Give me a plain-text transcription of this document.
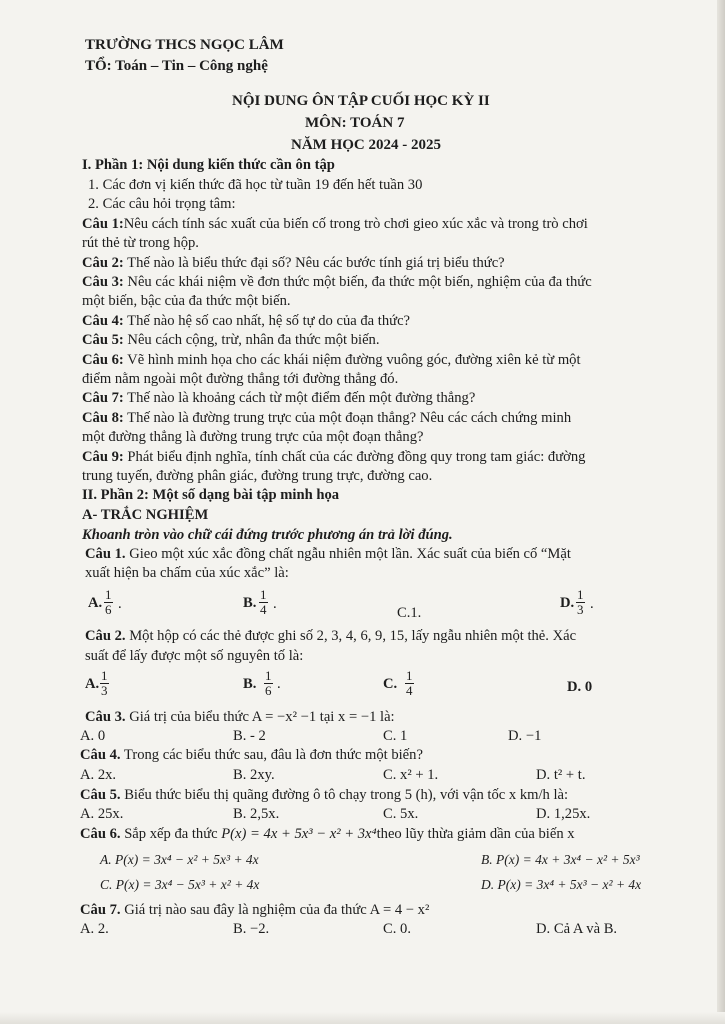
TRƯỜNG THCS NGỌC LÂM
TỔ: Toán – Tin – Công nghệ
NỘI DUNG ÔN TẬP CUỐI HỌC KỲ II
MÔN: TOÁN 7
NĂM HỌC 2024 - 2025
I. Phần 1: Nội dung kiến thức cần ôn tập
1. Các đơn vị kiến thức đã học từ tuần 19 đến hết tuần 30
2. Các câu hỏi trọng tâm:
Câu 1:Nêu cách tính sác xuất của biến cố trong trò chơi gieo xúc xắc và trong trò chơi
rút thẻ từ trong hộp.
Câu 2: Thế nào là biểu thức đại số? Nêu các bước tính giá trị biểu thức?
Câu 3: Nêu các khái niệm về đơn thức một biến, đa thức một biến, nghiệm của đa thức
một biến, bậc của đa thức một biến.
Câu 4: Thế nào hệ số cao nhất, hệ số tự do của đa thức?
Câu 5: Nêu cách cộng, trừ, nhân đa thức một biến.
Câu 6: Vẽ hình minh họa cho các khái niệm đường vuông góc, đường xiên kẻ từ một
điểm nằm ngoài một đường thẳng tới đường thẳng đó.
Câu 7: Thế nào là khoảng cách từ một điểm đến một đường thẳng?
Câu 8: Thế nào là đường trung trực của một đoạn thẳng? Nêu các cách chứng minh
một đường thẳng là đường trung trực của một đoạn thẳng?
Câu 9: Phát biểu định nghĩa, tính chất của các đường đồng quy trong tam giác: đường
trung tuyến, đường phân giác, đường trung trực, đường cao.
II. Phần 2: Một số dạng bài tập minh họa
A- TRẮC NGHIỆM
Khoanh tròn vào chữ cái đứng trước phương án trả lời đúng.
Câu 1. Gieo một xúc xắc đồng chất ngẫu nhiên một lần. Xác suất của biến cố “Mặt
xuất hiện ba chấm của xúc xắc” là:
A. $\frac{1}{6}$ .	B. $\frac{1}{4}$ .
C.1.
D. $\frac{1}{3}$ .
Câu 2. Một hộp có các thẻ được ghi số 2, 3, 4, 6, 9, 15, lấy ngẫu nhiên một thẻ. Xác
suất để lấy được một số nguyên tố là:
A. $\frac{1}{3}$	B. $\frac{1}{6}$ .	C. $\frac{1}{4}$	D. 0
Câu 3. Giá trị của biểu thức A = −x² −1 tại x = −1 là:
A. 0	B. - 2	C. 1	D. −1
Câu 4. Trong các biểu thức sau, đâu là đơn thức một biến?
A. 2x.	B. 2xy.	C. x² + 1.	D. t² + t.
Câu 5. Biểu thức biểu thị quãng đường ô tô chạy trong 5 (h), với vận tốc x km/h là:
A. 25x.	B. 2,5x.	C. 5x.	D. 1,25x.
Câu 6. Sắp xếp đa thức P(x) = 4x + 5x³ − x² + 3x⁴theo lũy thừa giảm dần của biến x
A. P(x) = 3x⁴ − x² + 5x³ + 4x	B. P(x) = 4x + 3x⁴ − x² + 5x³
C. P(x) = 3x⁴ − 5x³ + x² + 4x	D. P(x) = 3x⁴ + 5x³ − x² + 4x
Câu 7. Giá trị nào sau đây là nghiệm của đa thức A = 4 − x²
A. 2.	B. −2.	C. 0.	D. Cả A và B.
